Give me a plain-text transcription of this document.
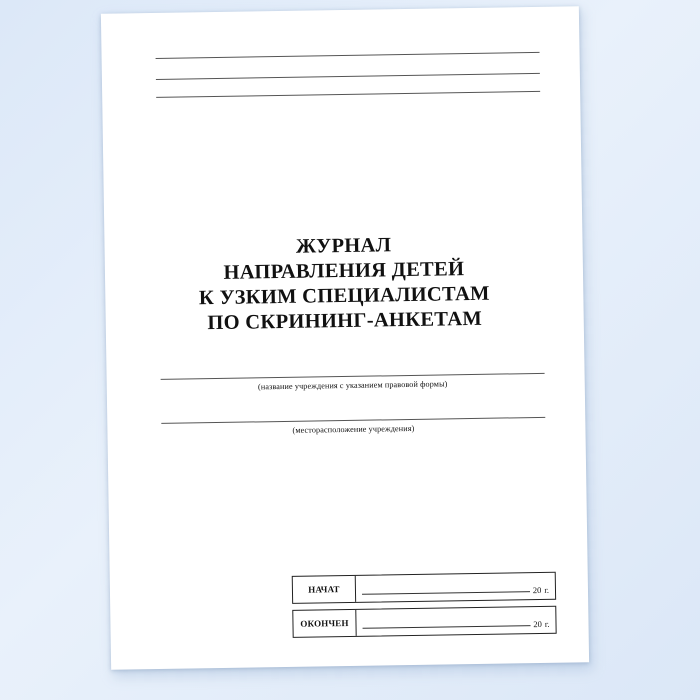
ЖУРНАЛ
НАПРАВЛЕНИЯ ДЕТЕЙ
К УЗКИМ СПЕЦИАЛИСТАМ
ПО СКРИНИНГ-АНКЕТАМ
(название учреждения с указанием правовой формы)
(месторасположение учреждения)
НАЧАТ	20 г.
ОКОНЧЕН	20 г.
